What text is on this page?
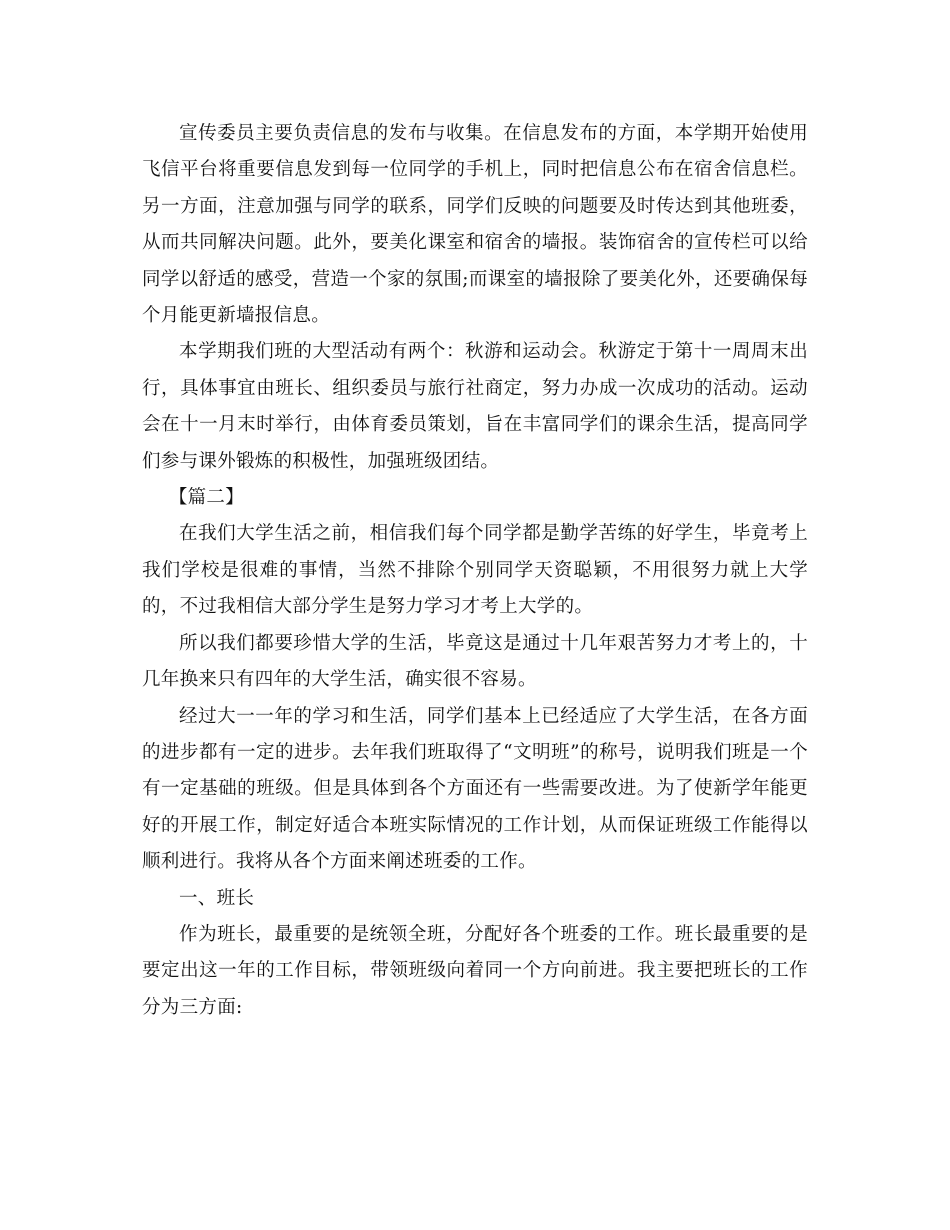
宣传委员主要负责信息的发布与收集。在信息发布的方面，本学期开始使用飞信平台将重要信息发到每一位同学的手机上，同时把信息公布在宿舍信息栏。另一方面，注意加强与同学的联系，同学们反映的问题要及时传达到其他班委，从而共同解决问题。此外，要美化课室和宿舍的墙报。装饰宿舍的宣传栏可以给同学以舒适的感受，营造一个家的氛围;而课室的墙报除了要美化外，还要确保每个月能更新墙报信息。

本学期我们班的大型活动有两个：秋游和运动会。秋游定于第十一周周末出行，具体事宜由班长、组织委员与旅行社商定，努力办成一次成功的活动。运动会在十一月末时举行，由体育委员策划，旨在丰富同学们的课余生活，提高同学们参与课外锻炼的积极性，加强班级团结。

【篇二】

在我们大学生活之前，相信我们每个同学都是勤学苦练的好学生，毕竟考上我们学校是很难的事情，当然不排除个别同学天资聪颖，不用很努力就上大学的，不过我相信大部分学生是努力学习才考上大学的。

所以我们都要珍惜大学的生活，毕竟这是通过十几年艰苦努力才考上的，十几年换来只有四年的大学生活，确实很不容易。

经过大一一年的学习和生活，同学们基本上已经适应了大学生活，在各方面的进步都有一定的进步。去年我们班取得了“文明班”的称号，说明我们班是一个有一定基础的班级。但是具体到各个方面还有一些需要改进。为了使新学年能更好的开展工作，制定好适合本班实际情况的工作计划，从而保证班级工作能得以顺利进行。我将从各个方面来阐述班委的工作。

一、班长

作为班长，最重要的是统领全班，分配好各个班委的工作。班长最重要的是要定出这一年的工作目标，带领班级向着同一个方向前进。我主要把班长的工作分为三方面:
